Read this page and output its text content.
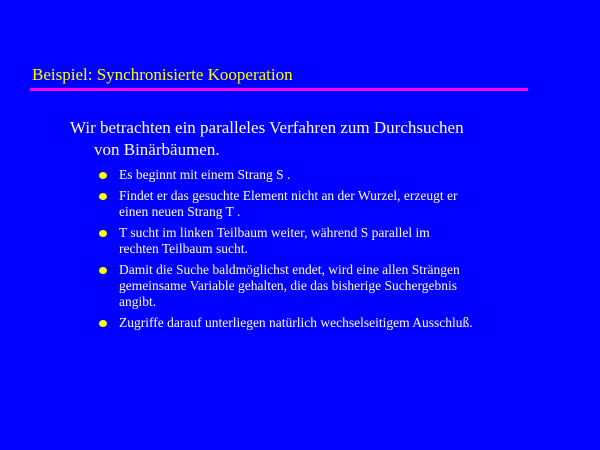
Beispiel: Synchronisierte Kooperation
Wir betrachten ein paralleles Verfahren zum Durchsuchen
von Binärbäumen.
Es beginnt mit einem Strang S .
Findet er das gesuchte Element nicht an der Wurzel, erzeugt er
einen neuen Strang T .
T sucht im linken Teilbaum weiter, während S parallel im
rechten Teilbaum sucht.
Damit die Suche baldmöglichst endet, wird eine allen Strängen
gemeinsame Variable gehalten, die das bisherige Suchergebnis
angibt.
Zugriffe darauf unterliegen natürlich wechselseitigem Ausschluß.
